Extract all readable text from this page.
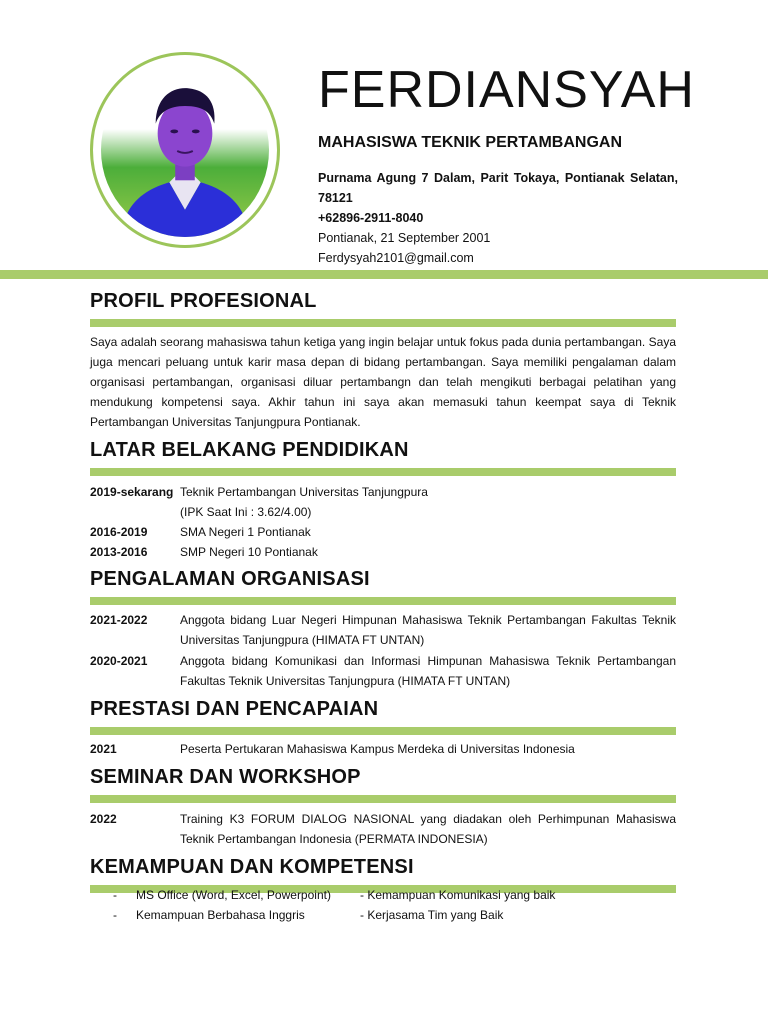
FERDIANSYAH
MAHASISWA TEKNIK PERTAMBANGAN
Purnama Agung 7 Dalam, Parit Tokaya, Pontianak Selatan,
78121
+62896-2911-8040
Pontianak, 21 September 2001
Ferdysyah2101@gmail.com
PROFIL PROFESIONAL
Saya adalah seorang mahasiswa tahun ketiga yang ingin belajar untuk fokus pada dunia pertambangan. Saya juga mencari peluang untuk karir masa depan di bidang pertambangan. Saya memiliki pengalaman dalam organisasi pertambangan, organisasi diluar pertambangn dan telah mengikuti berbagai pelatihan yang mendukung kompetensi saya. Akhir tahun ini saya akan memasuki tahun keempat saya di Teknik Pertambangan Universitas Tanjungpura Pontianak.
LATAR BELAKANG PENDIDIKAN
2019-sekarang Teknik Pertambangan Universitas Tanjungpura
(IPK Saat Ini : 3.62/4.00)
2016-2019	SMA Negeri 1 Pontianak
2013-2016	SMP Negeri 10 Pontianak
PENGALAMAN ORGANISASI
2021-2022	Anggota bidang Luar Negeri Himpunan Mahasiswa Teknik Pertambangan Fakultas Teknik Universitas Tanjungpura (HIMATA FT UNTAN)
2020-2021	Anggota bidang Komunikasi dan Informasi Himpunan Mahasiswa Teknik Pertambangan Fakultas Teknik Universitas Tanjungpura (HIMATA FT UNTAN)
PRESTASI DAN PENCAPAIAN
2021	Peserta Pertukaran Mahasiswa Kampus Merdeka di Universitas Indonesia
SEMINAR DAN WORKSHOP
2022	Training K3 FORUM DIALOG NASIONAL yang diadakan oleh Perhimpunan Mahasiswa Teknik Pertambangan Indonesia (PERMATA INDONESIA)
KEMAMPUAN DAN KOMPETENSI
- MS Office (Word, Excel, Powerpoint) - Kemampuan Komunikasi yang baik
- Kemampuan Berbahasa Inggris	- Kerjasama Tim yang Baik
